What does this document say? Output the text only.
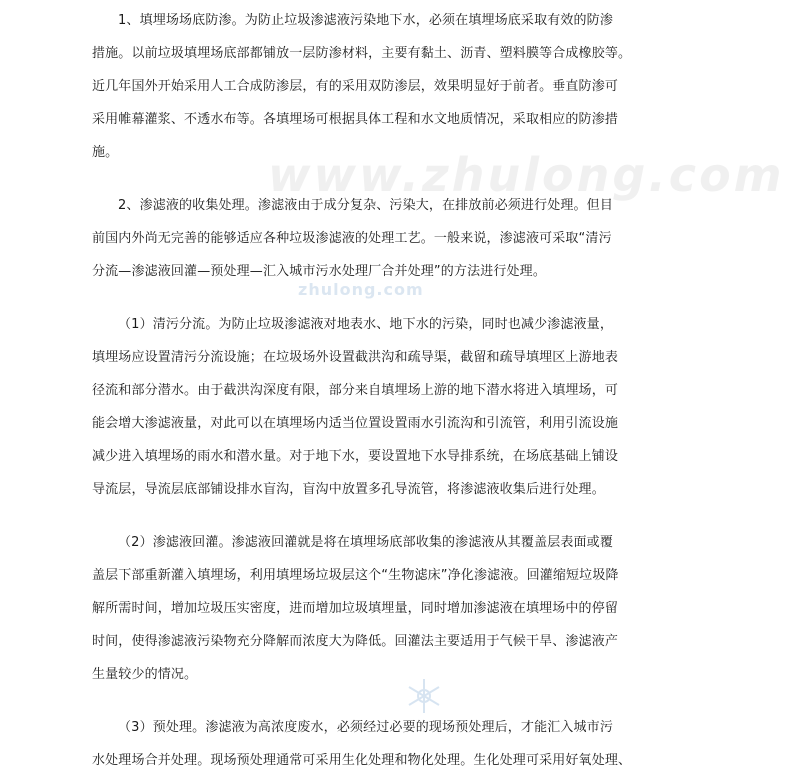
www.zhulong.com
zhulong.com
1、填埋场场底防渗。为防止垃圾渗滤液污染地下水，必须在填埋场底采取有效的防渗
措施。以前垃圾填埋场底部都铺放一层防渗材料，主要有黏土、沥青、塑料膜等合成橡胶等。
近几年国外开始采用人工合成防渗层，有的采用双防渗层，效果明显好于前者。垂直防渗可
采用帷幕灌浆、不透水布等。各填埋场可根据具体工程和水文地质情况，采取相应的防渗措
施。
2、渗滤液的收集处理。渗滤液由于成分复杂、污染大，在排放前必须进行处理。但目
前国内外尚无完善的能够适应各种垃圾渗滤液的处理工艺。一般来说，渗滤液可采取“清污
分流—渗滤液回灌—预处理—汇入城市污水处理厂合并处理”的方法进行处理。
（1）清污分流。为防止垃圾渗滤液对地表水、地下水的污染，同时也减少渗滤液量，
填埋场应设置清污分流设施；在垃圾场外设置截洪沟和疏导渠，截留和疏导填埋区上游地表
径流和部分潜水。由于截洪沟深度有限，部分来自填埋场上游的地下潜水将进入填埋场，可
能会增大渗滤液量，对此可以在填埋场内适当位置设置雨水引流沟和引流管，利用引流设施
减少进入填埋场的雨水和潜水量。对于地下水，要设置地下水导排系统，在场底基础上铺设
导流层，导流层底部铺设排水盲沟，盲沟中放置多孔导流管，将渗滤液收集后进行处理。
（2）渗滤液回灌。渗滤液回灌就是将在填埋场底部收集的渗滤液从其覆盖层表面或覆
盖层下部重新灌入填埋场，利用填埋场垃圾层这个“生物滤床”净化渗滤液。回灌缩短垃圾降
解所需时间，增加垃圾压实密度，进而增加垃圾填埋量，同时增加渗滤液在填埋场中的停留
时间，使得渗滤液污染物充分降解而浓度大为降低。回灌法主要适用于气候干旱、渗滤液产
生量较少的情况。
（3）预处理。渗滤液为高浓度废水，必须经过必要的现场预处理后，才能汇入城市污
水处理场合并处理。现场预处理通常可采用生化处理和物化处理。生化处理可采用好氧处理、
